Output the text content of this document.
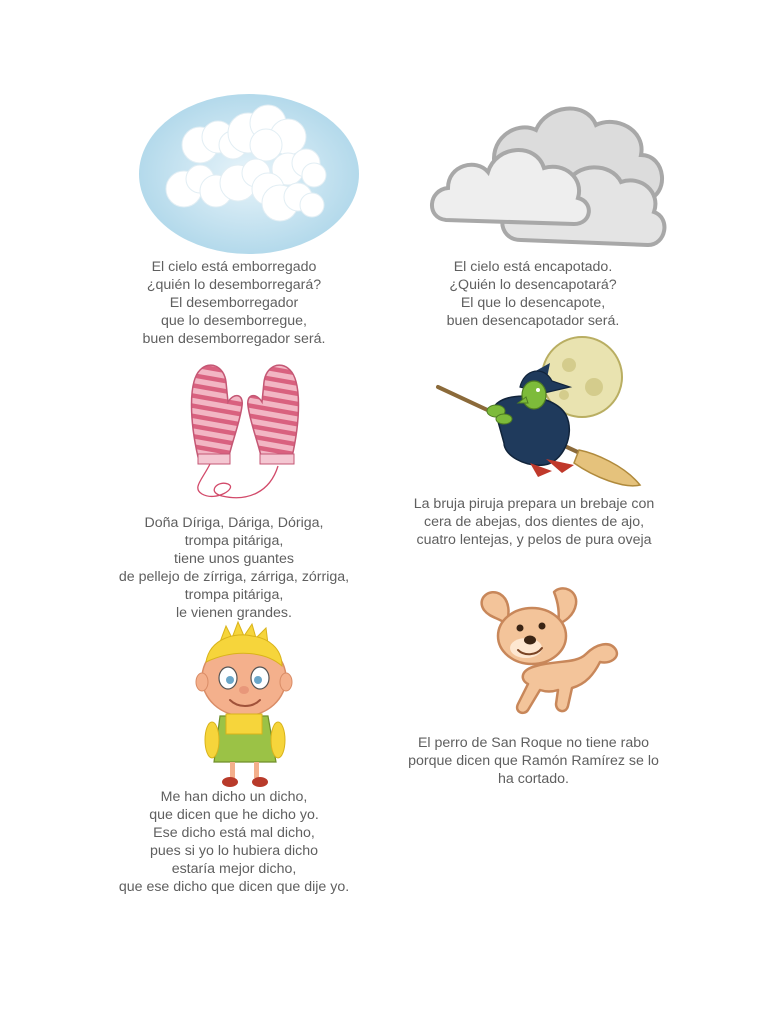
El cielo está emborregado
¿quién lo desemborregará?
El desemborregador
que lo desemborregue,
buen desemborregador será.
El cielo está encapotado.
¿Quién lo desencapotará?
El que lo desencapote,
buen desencapotador será.
Doña Díriga, Dáriga, Dóriga,
trompa pitáriga,
tiene unos guantes
de pellejo de zírriga, zárriga, zórriga,
trompa pitáriga,
le vienen grandes.
La bruja piruja prepara un brebaje con cera de abejas, dos dientes de ajo, cuatro lentejas, y pelos de pura oveja
Me han dicho un dicho,
que dicen que he dicho yo.
Ese dicho está mal dicho,
pues si yo lo hubiera dicho
estaría mejor dicho,
que ese dicho que dicen que dije yo.
El perro de San Roque no tiene rabo porque dicen que Ramón Ramírez se lo ha cortado.
